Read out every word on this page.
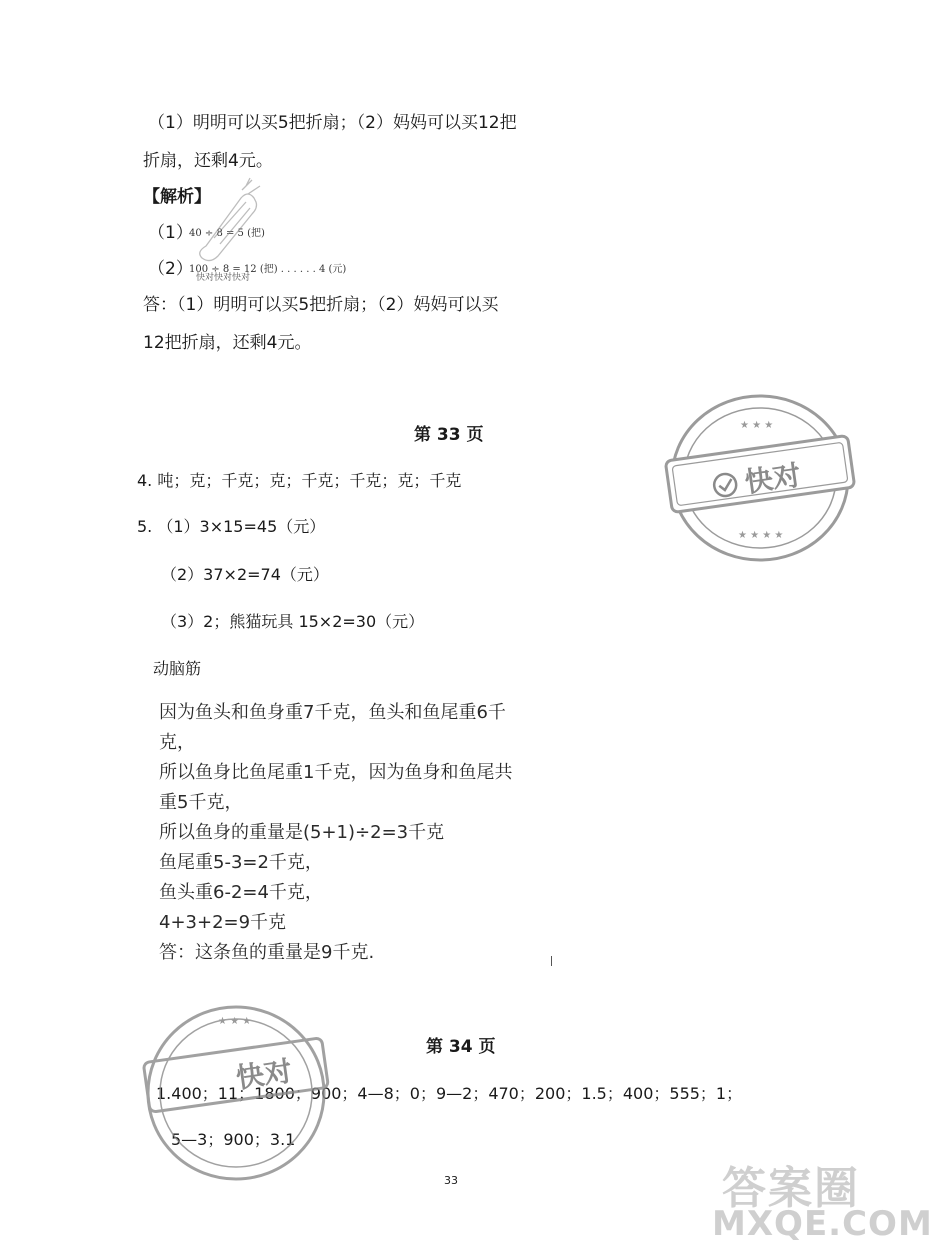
（1）明明可以买5把折扇；（2）妈妈可以买12把
折扇，还剩4元。
【解析】
（1）
40 ÷ 8 = 5 (把)
（2）
100 ÷ 8 = 12 (把) . . . . . . 4 (元)
答：（1）明明可以买5把折扇；（2）妈妈可以买
12把折扇，还剩4元。
快对快对快对
第 33 页
4. 吨；克；千克；克；千克；千克；克；千克
5. （1）3×15=45（元）
（2）37×2=74（元）
（3）2；熊猫玩具 15×2=30（元）
动脑筋
因为鱼头和鱼身重7千克，鱼头和鱼尾重6千
克，
所以鱼身比鱼尾重1千克，因为鱼身和鱼尾共
重5千克，
所以鱼身的重量是(5+1)÷2=3千克
鱼尾重5-3=2千克，
鱼头重6-2=4千克，
4+3+2=9千克
答：这条鱼的重量是9千克.
第 34 页
1.400；11；1800；900；4—8；0；9—2；470；200；1.5；400；555；1；
5—3；900；3.1
33
★ ★ ★
★ ★ ★ ★
快对
★ ★ ★
快对
答案圈
MXQE.COM
